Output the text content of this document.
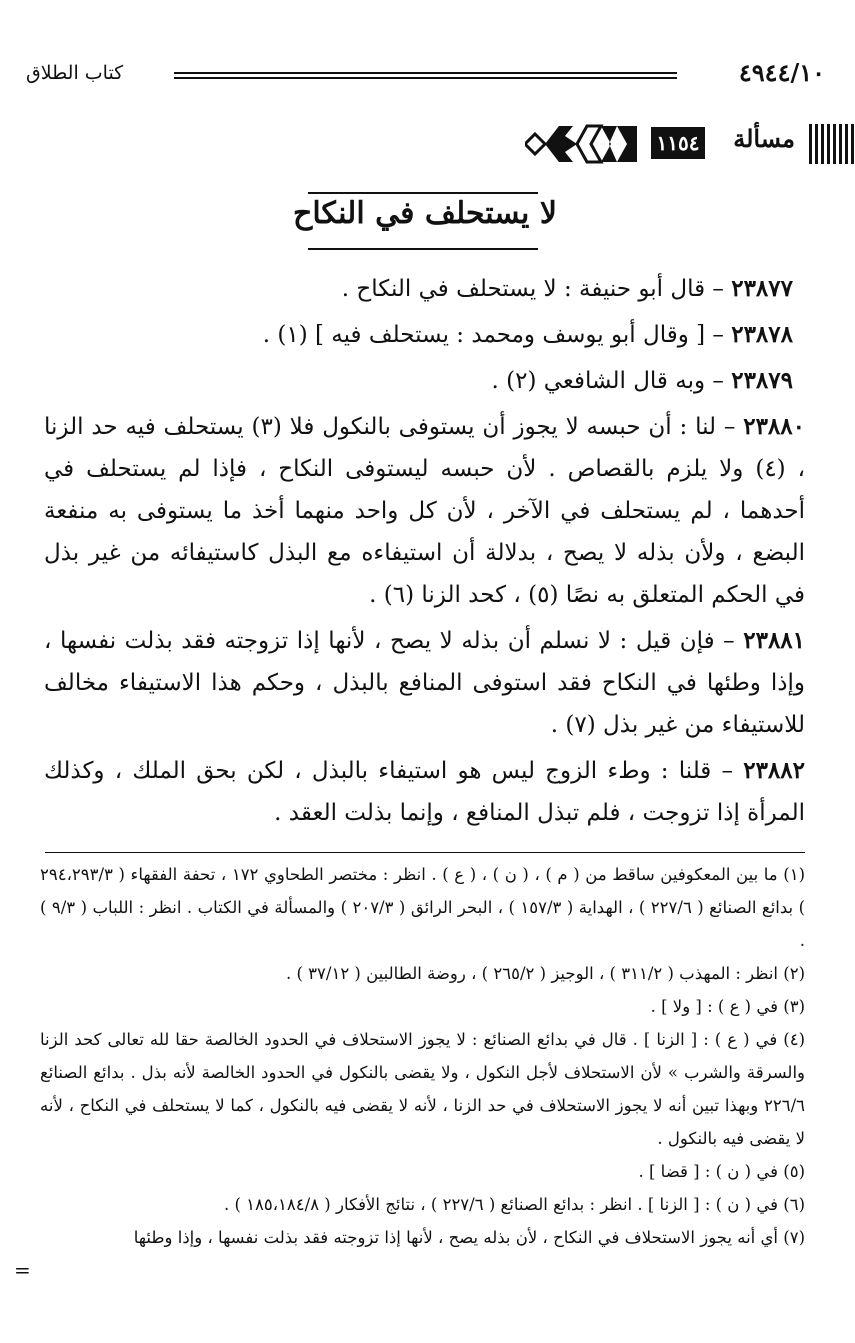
٤٩٤٤/١٠
كتاب الطلاق
مسألة
١١٥٤
لا يستحلف في النكاح

٢٣٨٧٧ – قال أبو حنيفة : لا يستحلف في النكاح .

٢٣٨٧٨ – [ وقال أبو يوسف ومحمد : يستحلف فيه ] (١) .

٢٣٨٧٩ – وبه قال الشافعي (٢) .

٢٣٨٨٠ – لنا : أن حبسه لا يجوز أن يستوفى بالنكول فلا (٣) يستحلف فيه حد الزنا ، (٤) ولا يلزم بالقصاص . لأن حبسه ليستوفى النكاح ، فإذا لم يستحلف في أحدهما ، لم يستحلف في الآخر ، لأن كل واحد منهما أخذ ما يستوفى به منفعة البضع ، ولأن بذله لا يصح ، بدلالة أن استيفاءه مع البذل كاستيفائه من غير بذل في الحكم المتعلق به نصًا (٥) ، كحد الزنا (٦) .

٢٣٨٨١ – فإن قيل : لا نسلم أن بذله لا يصح ، لأنها إذا تزوجته فقد بذلت نفسها ، وإذا وطئها في النكاح فقد استوفى المنافع بالبذل ، وحكم هذا الاستيفاء مخالف للاستيفاء من غير بذل (٧) .

٢٣٨٨٢ – قلنا : وطء الزوج ليس هو استيفاء بالبذل ، لكن بحق الملك ، وكذلك المرأة إذا تزوجت ، فلم تبذل المنافع ، وإنما بذلت العقد .

(١) ما بين المعكوفين ساقط من ( م ) ، ( ن ) ، ( ع ) . انظر : مختصر الطحاوي ١٧٢ ، تحفة الفقهاء ( ٢٩٤،٢٩٣/٣ ) بدائع الصنائع ( ٢٢٧/٦ ) ، الهداية ( ١٥٧/٣ ) ، البحر الرائق ( ٢٠٧/٣ ) والمسألة في الكتاب . انظر : اللباب ( ٩/٣ ) .

(٢) انظر : المهذب ( ٣١١/٢ ) ، الوجيز ( ٢٦٥/٢ ) ، روضة الطالبين ( ٣٧/١٢ ) .

(٣) في ( ع ) : [ ولا ] .

(٤) في ( ع ) : [ الزنا ] . قال في بدائع الصنائع : لا يجوز الاستحلاف في الحدود الخالصة حقا لله تعالى كحد الزنا والسرقة والشرب » لأن الاستحلاف لأجل النكول ، ولا يقضى بالنكول في الحدود الخالصة لأنه بذل . بدائع الصنائع ٢٢٦/٦ وبهذا تبين أنه لا يجوز الاستحلاف في حد الزنا ، لأنه لا يقضى فيه بالنكول ، كما لا يستحلف في النكاح ، لأنه لا يقضى فيه بالنكول .

(٥) في ( ن ) : [ قضا ] .

(٦) في ( ن ) : [ الزنا ] . انظر : بدائع الصنائع ( ٢٢٧/٦ ) ، نتائج الأفكار ( ١٨٥،١٨٤/٨ ) .

(٧) أي أنه يجوز الاستحلاف في النكاح ، لأن بذله يصح ، لأنها إذا تزوجته فقد بذلت نفسها ، وإذا وطئها

=
